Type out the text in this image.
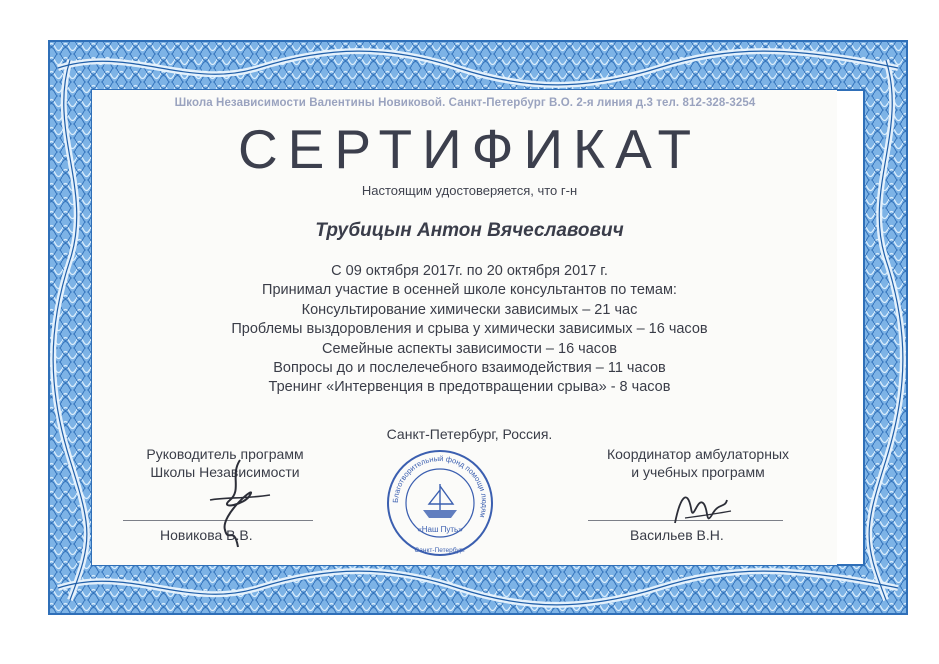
Школа Независимости Валентины Новиковой. Санкт-Петербург В.О. 2-я линия д.3 тел. 812-328-3254
СЕРТИФИКАТ
Настоящим удостоверяется, что г-н
Трубицын Антон Вячеславович
С 09 октября 2017г. по 20 октября 2017 г.
Принимал участие в осенней школе консультантов по темам:
Консультирование химически зависимых – 21 час
Проблемы выздоровления и срыва у химически зависимых – 16 часов
Семейные аспекты зависимости – 16 часов
Вопросы до и послелечебного взаимодействия – 11 часов
Тренинг «Интервенция в предотвращении срыва» - 8 часов
Санкт-Петербург, Россия.
Руководитель программ
Школы Независимости
Координатор амбулаторных
и учебных программ
Новикова В.В.	Васильев В.Н.
Благотворительный фонд помощи людям
«Наш Путь»
Санкт-Петербург
